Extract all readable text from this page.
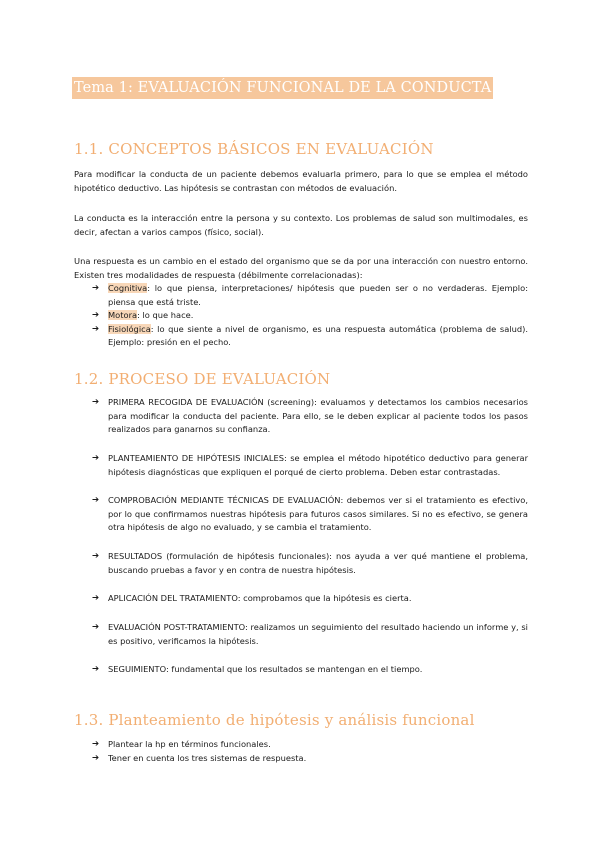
Tema 1: EVALUACIÓN FUNCIONAL DE LA CONDUCTA
1.1. CONCEPTOS BÁSICOS EN EVALUACIÓN

Para modificar la conducta de un paciente debemos evaluarla primero, para lo que se emplea el método hipotético deductivo. Las hipótesis se contrastan con métodos de evaluación.

La conducta es la interacción entre la persona y su contexto. Los problemas de salud son multimodales, es decir, afectan a varios campos (físico, social).

Una respuesta es un cambio en el estado del organismo que se da por una interacción con nuestro entorno. Existen tres modalidades de respuesta (débilmente correlacionadas):

➔ Cognitiva: lo que piensa, interpretaciones/ hipótesis que pueden ser o no verdaderas. Ejemplo: piensa que está triste.
➔ Motora: lo que hace.
➔ Fisiológica: lo que siente a nivel de organismo, es una respuesta automática (problema de salud). Ejemplo: presión en el pecho.
1.2. PROCESO DE EVALUACIÓN
➔ PRIMERA RECOGIDA DE EVALUACIÓN (screening): evaluamos y detectamos los cambios necesarios para modificar la conducta del paciente. Para ello, se le deben explicar al paciente todos los pasos realizados para ganarnos su confianza.
➔ PLANTEAMIENTO DE HIPÓTESIS INICIALES: se emplea el método hipotético deductivo para generar hipótesis diagnósticas que expliquen el porqué de cierto problema. Deben estar contrastadas.
➔ COMPROBACIÓN MEDIANTE TÉCNICAS DE EVALUACIÓN: debemos ver si el tratamiento es efectivo, por lo que confirmamos nuestras hipótesis para futuros casos similares. Si no es efectivo, se genera otra hipótesis de algo no evaluado, y se cambia el tratamiento.
➔ RESULTADOS (formulación de hipótesis funcionales): nos ayuda a ver qué mantiene el problema, buscando pruebas a favor y en contra de nuestra hipótesis.
➔ APLICACIÓN DEL TRATAMIENTO: comprobamos que la hipótesis es cierta.
➔ EVALUACIÓN POST-TRATAMIENTO: realizamos un seguimiento del resultado haciendo un informe y, si es positivo, verificamos la hipótesis.
➔ SEGUIMIENTO: fundamental que los resultados se mantengan en el tiempo.
1.3. Planteamiento de hipótesis y análisis funcional
➔ Plantear la hp en términos funcionales.
➔ Tener en cuenta los tres sistemas de respuesta.
